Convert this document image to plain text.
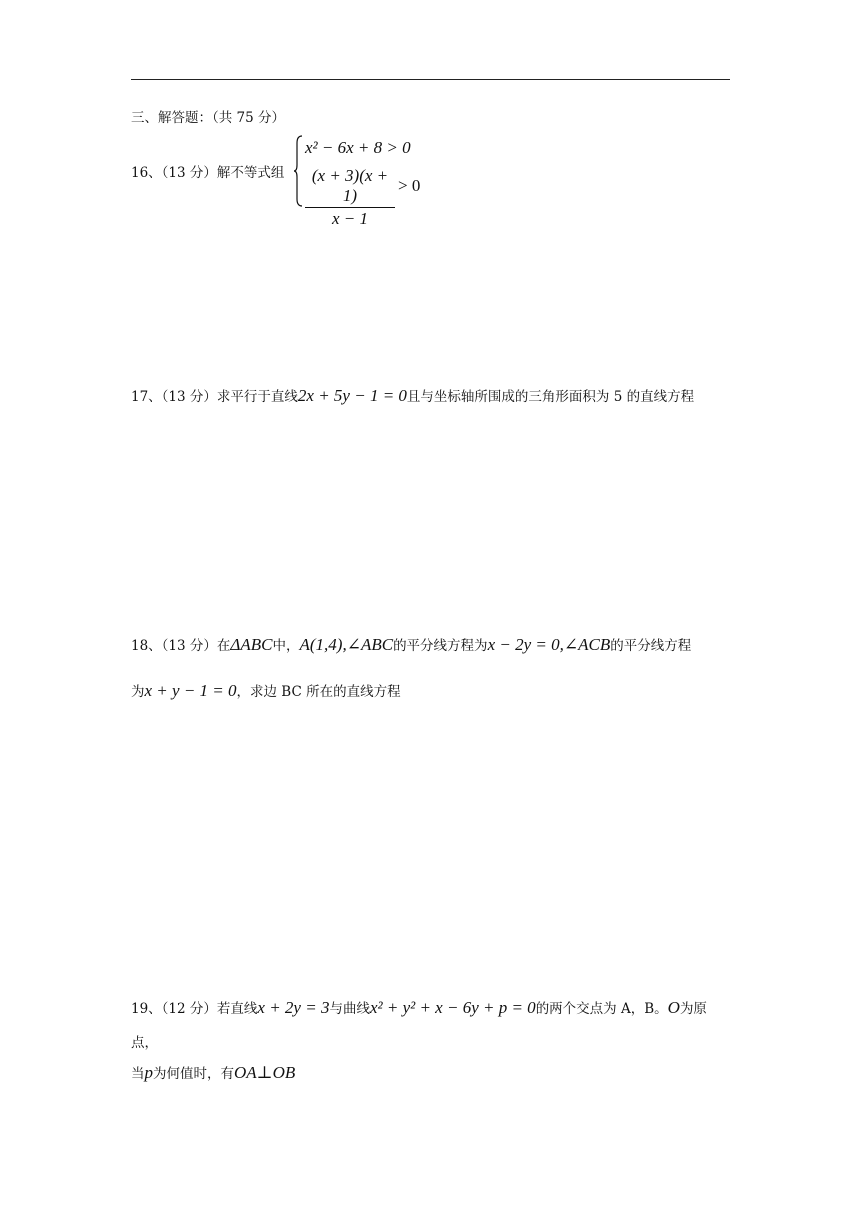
三、解答题：（共 75 分）
16、（13 分）解不等式组
x² − 6x + 8 > 0
(x + 3)(x + 1)
x − 1
> 0
17、（13 分）求平行于直线2x + 5y − 1 = 0且与坐标轴所围成的三角形面积为 5 的直线方程
18、（13 分）在ΔABC中，A(1,4),∠ABC的平分线方程为x − 2y = 0,∠ACB的平分线方程
为x + y − 1 = 0，求边 BC 所在的直线方程
19、（12 分）若直线x + 2y = 3与曲线x² + y² + x − 6y + p = 0的两个交点为 A，B。O为原
点，
当p为何值时，有OA⊥OB
